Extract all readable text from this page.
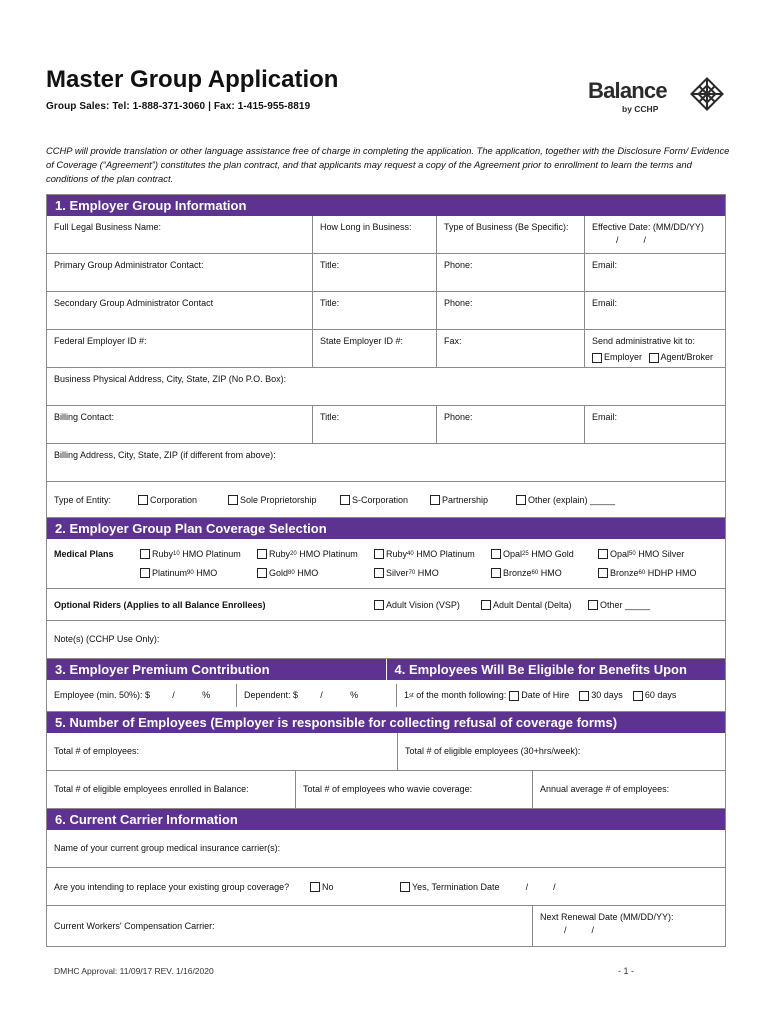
Master Group Application
Group Sales: Tel: 1-888-371-3060 | Fax: 1-415-955-8819
Balance
by CCHP
CCHP will provide translation or other language assistance free of charge in completing the application. The application, together with the Disclosure Form/ Evidence of Coverage (“Agreement”) constitutes the plan contract, and that applicants may request a copy of the Agreement prior to enrollment to learn the terms and conditions of the plan contract.
1. Employer Group Information
Full Legal Business Name:	How Long in Business:	Type of Business (Be Specific):	Effective Date: (MM/DD/YY)
/          /
Primary Group Administrator Contact:	Title:	Phone:	Email:
Secondary Group Administrator Contact	Title:	Phone:	Email:
Federal Employer ID #:	State Employer ID #:	Fax:	Send administrative kit to:
Employer
Agent/Broker
Business Physical Address, City, State, ZIP (No P.O. Box):
Billing Contact:	Title:	Phone:	Email:
Billing Address, City, State, ZIP (if different from above):
Type of Entity:	Corporation	Sole Proprietorship	S-Corporation	Partnership	Other (explain) _____
2. Employer Group Plan Coverage Selection
Medical Plans	Ruby 10 HMO Platinum	Ruby 20 HMO Platinum	Ruby 40 HMO Platinum	Opal 25 HMO Gold	Opal 50 HMO Silver
Platinum 90 HMO	Gold 80 HMO	Silver 70 HMO	Bronze 60 HMO	Bronze 60 HDHP HMO
Optional Riders (Applies to all Balance Enrollees)	Adult Vision (VSP)	Adult Dental (Delta)	Other _____
Note(s) (CCHP Use Only):
3. Employer Premium Contribution	4. Employees Will Be Eligible for Benefits Upon
Employee (min. 50%): $ /	%	Dependent: $ /	%	1 st of the month following: Date of Hire 30 days 60 days
5. Number of Employees (Employer is responsible for collecting refusal of coverage forms)
Total # of employees:	Total # of eligible employees (30+hrs/week):
Total # of eligible employees enrolled in Balance:	Total # of employees who wavie coverage:	Annual average # of employees:
6. Current Carrier Information
Name of your current group medical insurance carrier(s):
Are you intending to replace your existing group coverage?	No	Yes, Termination Date	/          /
Current Workers' Compensation Carrier:
Next Renewal Date (MM/DD/YY):
/          /
DMHC Approval: 11/09/17 REV. 1/16/2020	- 1 -
